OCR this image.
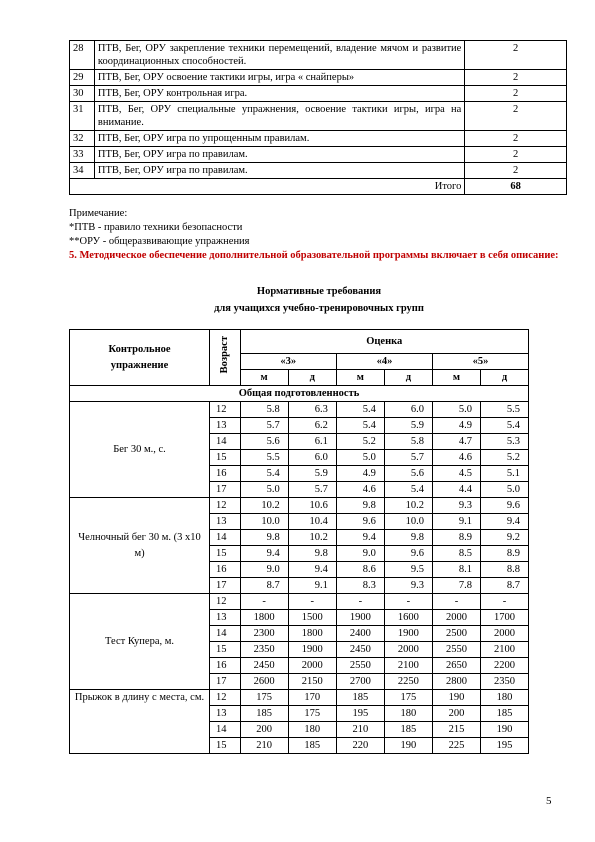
28	ПТВ, Бег, ОРУ закрепление техники перемещений, владение мячом и развитие координационных способностей.	2
29	ПТВ, Бег, ОРУ освоение тактики игры, игра « снайперы»	2
30	ПТВ, Бег, ОРУ контрольная игра.	2
31	ПТВ, Бег, ОРУ специальные упражнения, освоение тактики игры, игра на внимание.	2
32	ПТВ, Бег, ОРУ игра по упрощенным правилам.	2
33	ПТВ, Бег, ОРУ игра по правилам.	2
34	ПТВ, Бег, ОРУ игра по правилам.	2
	Итого	68
Примечание:
*ПТВ - правило техники безопасности
**ОРУ - общеразвивающие упражнения
5. Методическое обеспечение дополнительной образовательной программы включает в себя описание:
Нормативные требования
для учащихся учебно-тренировочных групп
Контрольное упражнение	Возраст	Оценка					
		«3»		«4»		«5»	
		м	д	м	д	м	д
Общая подготовленность							
Бег 30 м., с.	12	5.8	6.3	5.4	6.0	5.0	5.5
	13	5.7	6.2	5.4	5.9	4.9	5.4
	14	5.6	6.1	5.2	5.8	4.7	5.3
	15	5.5	6.0	5.0	5.7	4.6	5.2
	16	5.4	5.9	4.9	5.6	4.5	5.1
	17	5.0	5.7	4.6	5.4	4.4	5.0
Челночный бег 30 м. (3 х10 м)	12	10.2	10.6	9.8	10.2	9.3	9.6
	13	10.0	10.4	9.6	10.0	9.1	9.4
	14	9.8	10.2	9.4	9.8	8.9	9.2
	15	9.4	9.8	9.0	9.6	8.5	8.9
	16	9.0	9.4	8.6	9.5	8.1	8.8
	17	8.7	9.1	8.3	9.3	7.8	8.7
Тест Купера, м.	12	-	-	-	-	-	-
	13	1800	1500	1900	1600	2000	1700
	14	2300	1800	2400	1900	2500	2000
	15	2350	1900	2450	2000	2550	2100
	16	2450	2000	2550	2100	2650	2200
	17	2600	2150	2700	2250	2800	2350
Прыжок в длину с места, см.	12	175	170	185	175	190	180
	13	185	175	195	180	200	185
	14	200	180	210	185	215	190
	15	210	185	220	190	225	195
5
